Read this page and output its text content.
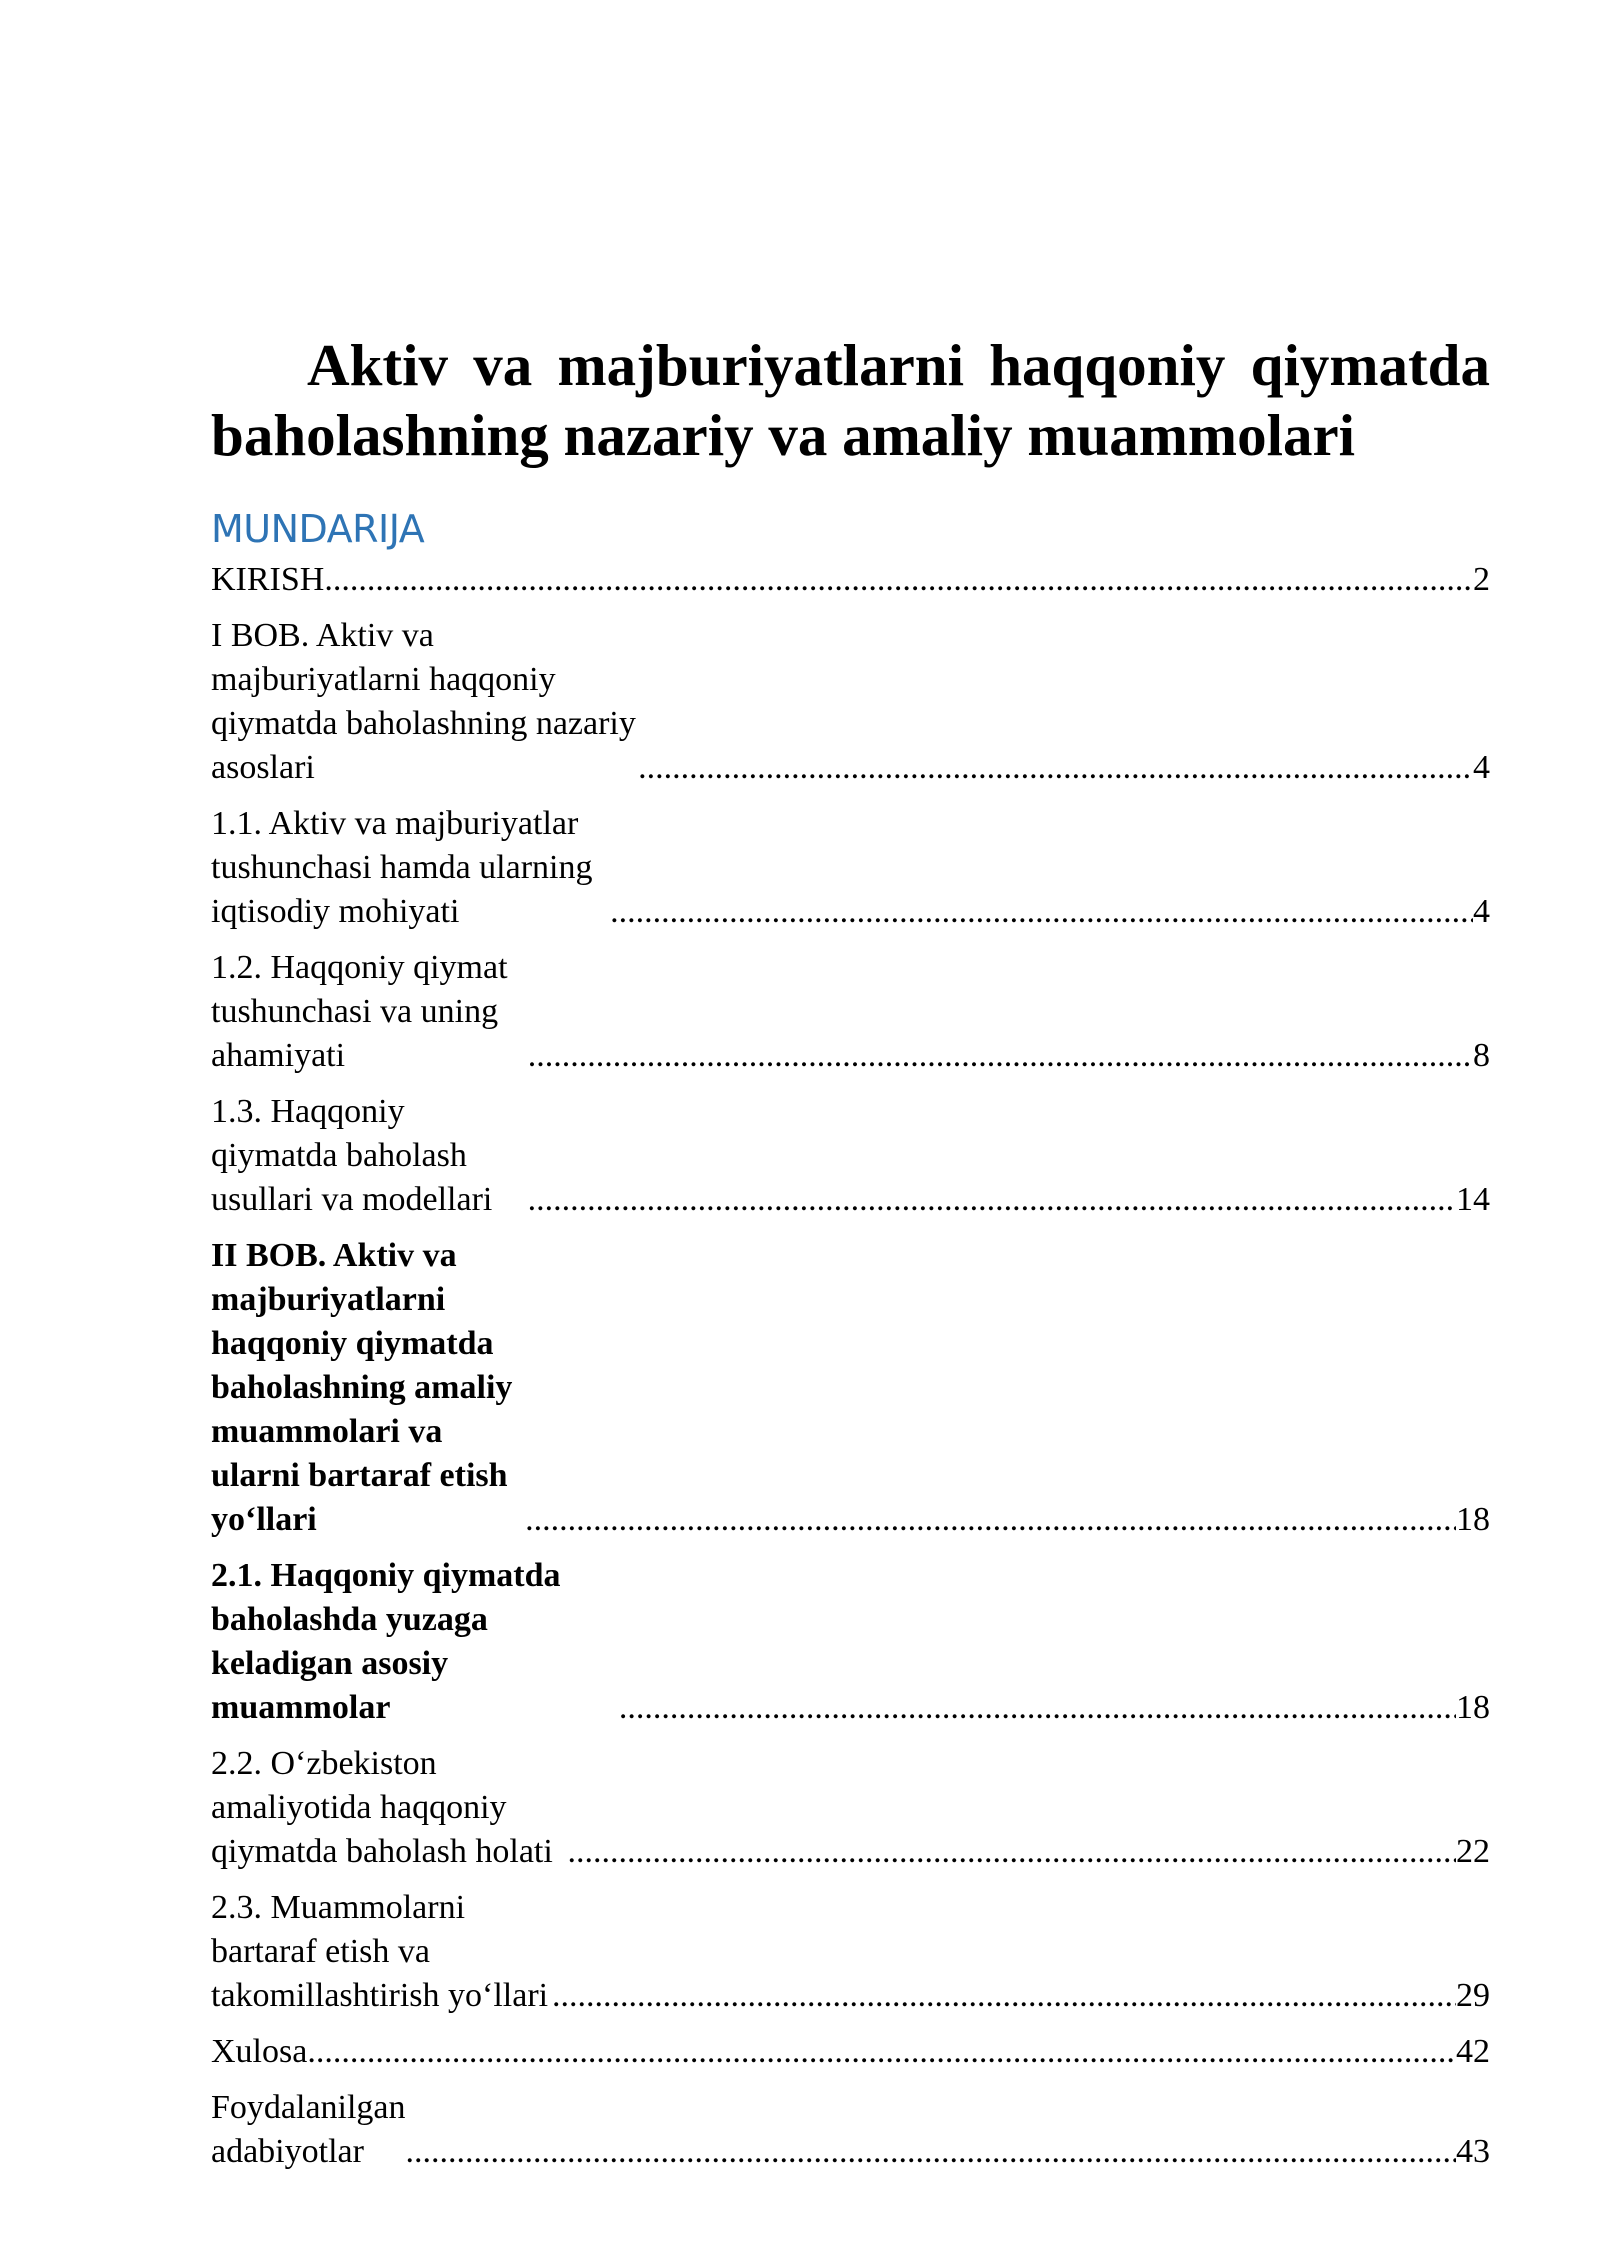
Aktiv va majburiyatlarni haqqoniy qiymatda baholashning nazariy va amaliy muammolari
MUNDARIJA
KIRISH .....	2
I BOB. Aktiv va majburiyatlarni haqqoniy qiymatda baholashning nazariy asoslari .....	4
1.1. Aktiv va majburiyatlar tushunchasi hamda ularning iqtisodiy mohiyati .....	4
1.2. Haqqoniy qiymat tushunchasi va uning ahamiyati .....	8
1.3. Haqqoniy qiymatda baholash usullari va modellari .....	14
II BOB. Aktiv va majburiyatlarni haqqoniy qiymatda baholashning amaliy muammolari va ularni bartaraf etish yo‘llari .....	18
2.1. Haqqoniy qiymatda baholashda yuzaga keladigan asosiy muammolar .....	18
2.2. O‘zbekiston amaliyotida haqqoniy qiymatda baholash holati .....	22
2.3. Muammolarni bartaraf etish va takomillashtirish yo‘llari .....	29
Xulosa .....	42
Foydalanilgan adabiyotlar .....	43
